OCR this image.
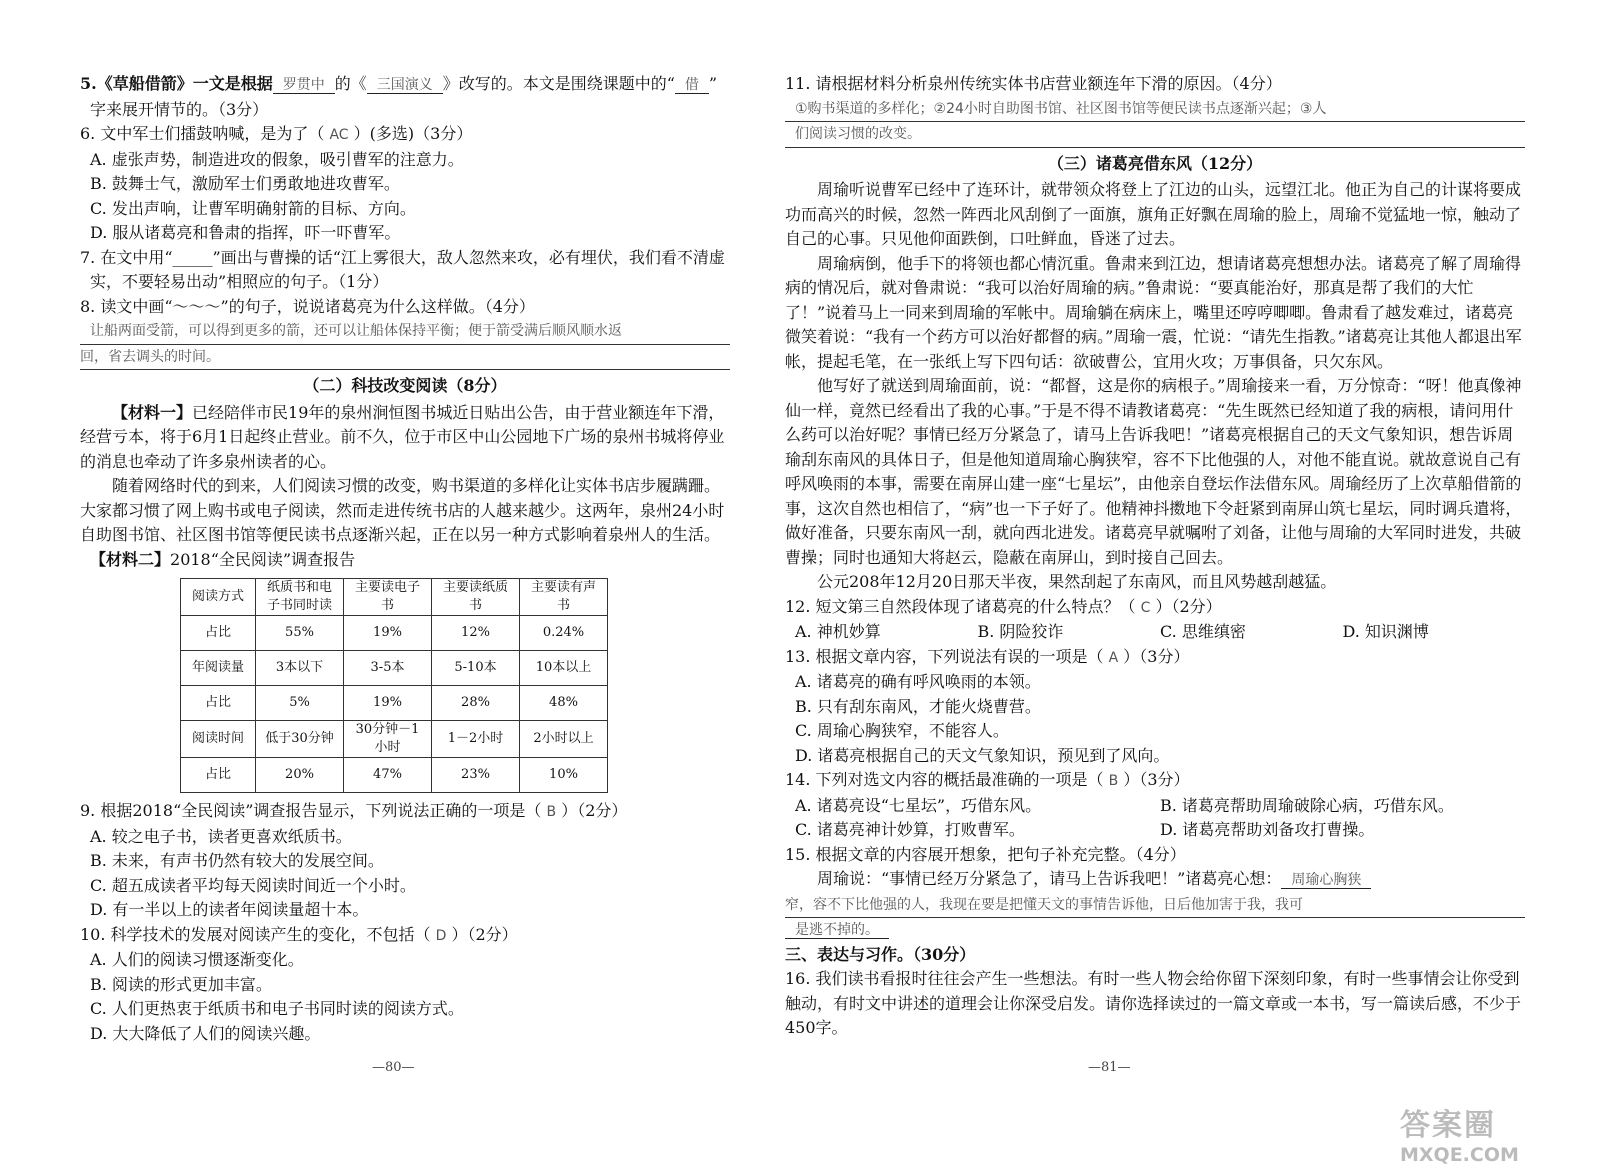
5.《草船借箭》一文是根据 罗贯中 的《 三国演义 》改写的。本文是围绕课题中的“ 借 ”

字来展开情节的。（3分）

6. 文中军士们擂鼓呐喊，是为了（ AC ）(多选)（3分）

A. 虚张声势，制造进攻的假象，吸引曹军的注意力。

B. 鼓舞士气，激励军士们勇敢地进攻曹军。

C. 发出声响，让曹军明确射箭的目标、方向。

D. 服从诸葛亮和鲁肃的指挥，吓一吓曹军。

7. 在文中用“_____”画出与曹操的话“江上雾很大，敌人忽然来攻，必有埋伏，我们看不清虚

实，不要轻易出动”相照应的句子。（1分）

8. 读文中画“～～～”的句子，说说诸葛亮为什么这样做。（4分）

让船两面受箭，可以得到更多的箭，还可以让船体保持平衡；便于箭受满后顺风顺水返

回，省去调头的时间。

（二）科技改变阅读（8分）

【材料一】已经陪伴市民19年的泉州涧恒图书城近日贴出公告，由于营业额连年下滑，经营亏本，将于6月1日起终止营业。前不久，位于市区中山公园地下广场的泉州书城将停业的消息也牵动了许多泉州读者的心。

随着网络时代的到来，人们阅读习惯的改变，购书渠道的多样化让实体书店步履蹒跚。大家都习惯了网上购书或电子阅读，然而走进传统书店的人越来越少。这两年，泉州24小时自助图书馆、社区图书馆等便民读书点逐渐兴起，正在以另一种方式影响着泉州人的生活。

【材料二】2018“全民阅读”调查报告

阅读方式	纸质书和电子书同时读	主要读电子书	主要读纸质书	主要读有声书
占比	55%	19%	12%	0.24%
年阅读量	3本以下	3-5本	5-10本	10本以上
占比	5%	19%	28%	48%
阅读时间	低于30分钟	30分钟－1小时	1－2小时	2小时以上
占比	20%	47%	23%	10%

9. 根据2018“全民阅读”调查报告显示，下列说法正确的一项是（ B ）（2分）

A. 较之电子书，读者更喜欢纸质书。

B. 未来，有声书仍然有较大的发展空间。

C. 超五成读者平均每天阅读时间近一个小时。

D. 有一半以上的读者年阅读量超十本。

10. 科学技术的发展对阅读产生的变化，不包括（ D ）（2分）

A. 人们的阅读习惯逐渐变化。

B. 阅读的形式更加丰富。

C. 人们更热衷于纸质书和电子书同时读的阅读方式。

D. 大大降低了人们的阅读兴趣。

—80—

11. 请根据材料分析泉州传统实体书店营业额连年下滑的原因。（4分）

①购书渠道的多样化；②24小时自助图书馆、社区图书馆等便民读书点逐渐兴起；③人

们阅读习惯的改变。

（三）诸葛亮借东风（12分）

周瑜听说曹军已经中了连环计，就带领众将登上了江边的山头，远望江北。他正为自己的计谋将要成功而高兴的时候，忽然一阵西北风刮倒了一面旗，旗角正好飘在周瑜的脸上，周瑜不觉猛地一惊，触动了自己的心事。只见他仰面跌倒，口吐鲜血，昏迷了过去。

周瑜病倒，他手下的将领也都心情沉重。鲁肃来到江边，想请诸葛亮想想办法。诸葛亮了解了周瑜得病的情况后，就对鲁肃说：“我可以治好周瑜的病。”鲁肃说：“要真能治好，那真是帮了我们的大忙了！”说着马上一同来到周瑜的军帐中。周瑜躺在病床上，嘴里还哼哼唧唧。鲁肃看了越发难过，诸葛亮微笑着说：“我有一个药方可以治好都督的病。”周瑜一震，忙说：“请先生指教。”诸葛亮让其他人都退出军帐，提起毛笔，在一张纸上写下四句话：欲破曹公，宜用火攻；万事俱备，只欠东风。

他写好了就送到周瑜面前，说：“都督，这是你的病根子。”周瑜接来一看，万分惊奇：“呀！他真像神仙一样，竟然已经看出了我的心事。”于是不得不请教诸葛亮：“先生既然已经知道了我的病根，请问用什么药可以治好呢？事情已经万分紧急了，请马上告诉我吧！”诸葛亮根据自己的天文气象知识，想告诉周瑜刮东南风的具体日子，但是他知道周瑜心胸狭窄，容不下比他强的人，对他不能直说。就故意说自己有呼风唤雨的本事，需要在南屏山建一座“七星坛”，由他亲自登坛作法借东风。周瑜经历了上次草船借箭的事，这次自然也相信了，“病”也一下子好了。他精神抖擞地下令赶紧到南屏山筑七星坛，同时调兵遣将，做好准备，只要东南风一刮，就向西北进发。诸葛亮早就嘱咐了刘备，让他与周瑜的大军同时进发，共破曹操；同时也通知大将赵云，隐蔽在南屏山，到时接自己回去。

公元208年12月20日那天半夜，果然刮起了东南风，而且风势越刮越猛。

12. 短文第三自然段体现了诸葛亮的什么特点？（ C ）（2分）

A. 神机妙算	B. 阴险狡诈	C. 思维缜密	D. 知识渊博

13. 根据文章内容，下列说法有误的一项是（ A ）（3分）

A. 诸葛亮的确有呼风唤雨的本领。

B. 只有刮东南风，才能火烧曹营。

C. 周瑜心胸狭窄，不能容人。

D. 诸葛亮根据自己的天文气象知识，预见到了风向。

14. 下列对选文内容的概括最准确的一项是（ B ）（3分）

A. 诸葛亮设“七星坛”，巧借东风。	B. 诸葛亮帮助周瑜破除心病，巧借东风。

C. 诸葛亮神计妙算，打败曹军。	D. 诸葛亮帮助刘备攻打曹操。

15. 根据文章的内容展开想象，把句子补充完整。（4分）

周瑜说：“事情已经万分紧急了，请马上告诉我吧！”诸葛亮心想： 周瑜心胸狭

窄，容不下比他强的人，我现在要是把懂天文的事情告诉他，日后他加害于我，我可

是逃不掉的。

三、表达与习作。（30分）

16. 我们读书看报时往往会产生一些想法。有时一些人物会给你留下深刻印象，有时一些事情会让你受到触动，有时文中讲述的道理会让你深受启发。请你选择读过的一篇文章或一本书，写一篇读后感，不少于450字。

—81—
答案圈
MXQE.COM
